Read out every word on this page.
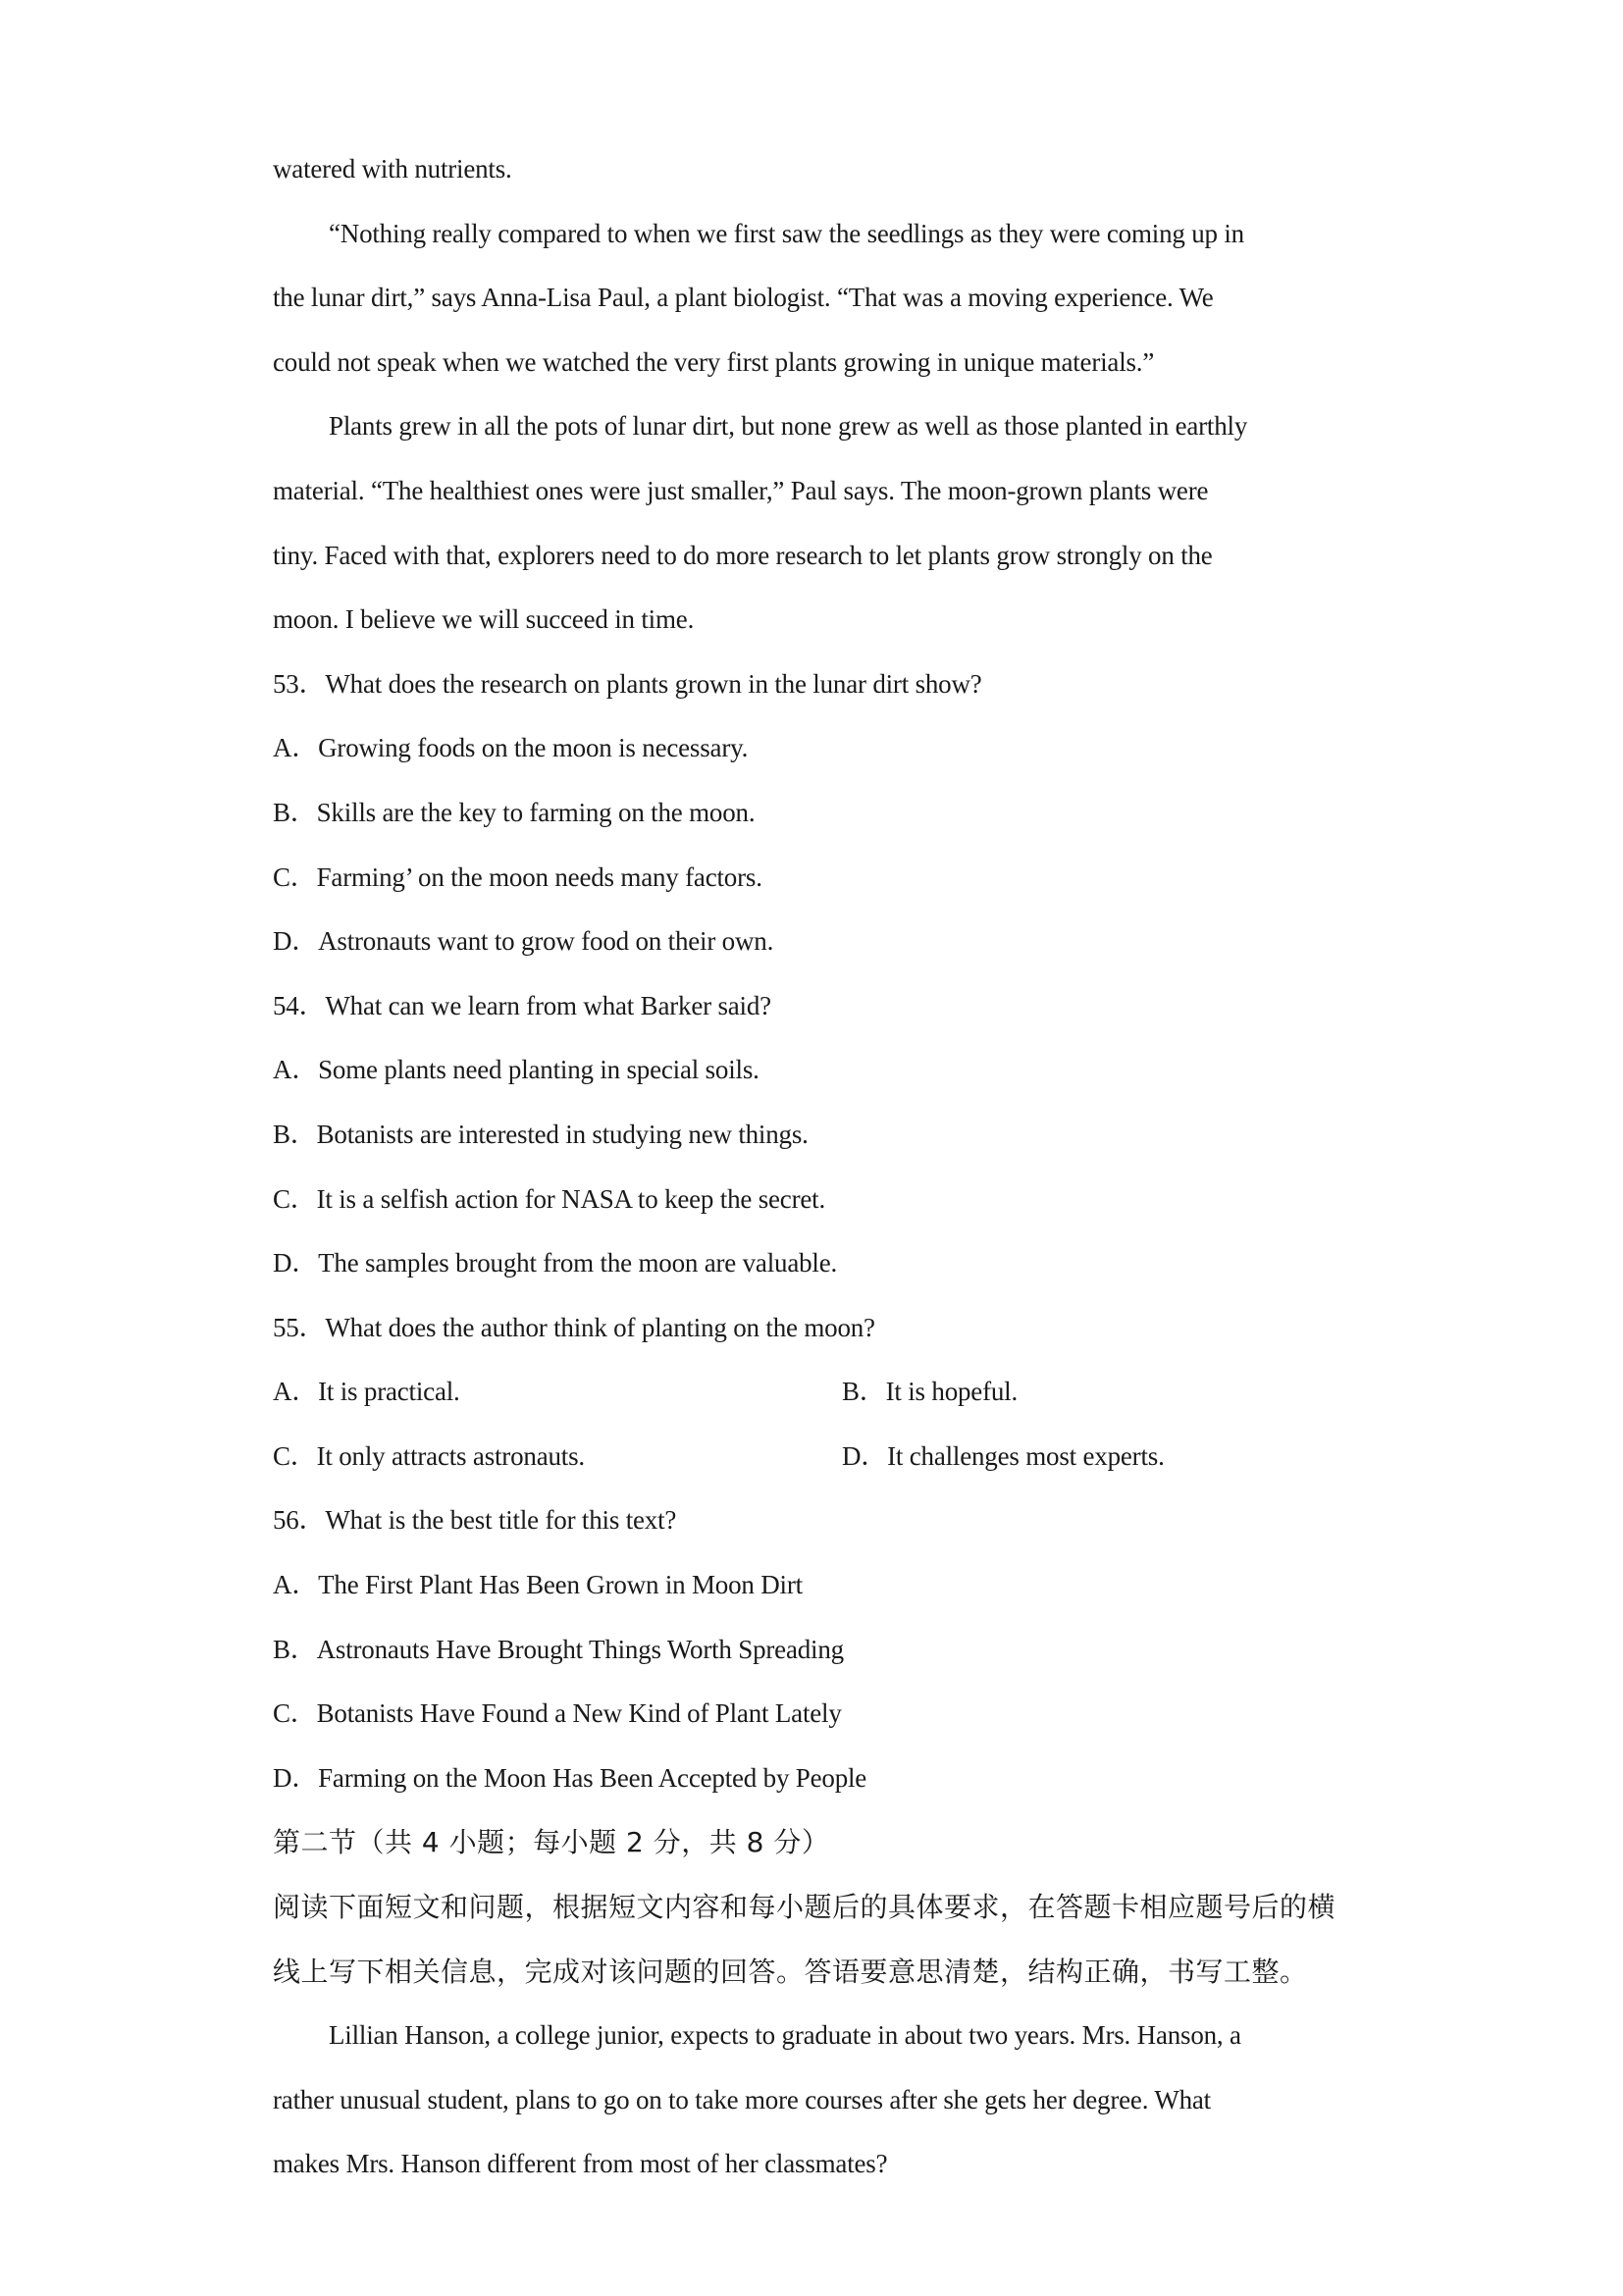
watered with nutrients.
“Nothing really compared to when we first saw the seedlings as they were coming up in
the lunar dirt,” says Anna-Lisa Paul, a plant biologist. “That was a moving experience. We
could not speak when we watched the very first plants growing in unique materials.”
Plants grew in all the pots of lunar dirt, but none grew as well as those planted in earthly
material. “The healthiest ones were just smaller,” Paul says. The moon-grown plants were
tiny. Faced with that, explorers need to do more research to let plants grow strongly on the
moon. I believe we will succeed in time.
53．What does the research on plants grown in the lunar dirt show?
A．Growing foods on the moon is necessary.
B．Skills are the key to farming on the moon.
C．Farming’ on the moon needs many factors.
D．Astronauts want to grow food on their own.
54．What can we learn from what Barker said?
A．Some plants need planting in special soils.
B．Botanists are interested in studying new things.
C．It is a selfish action for NASA to keep the secret.
D．The samples brought from the moon are valuable.
55．What does the author think of planting on the moon?
A．It is practical.	B．It is hopeful.
C．It only attracts astronauts.	D．It challenges most experts.
56．What is the best title for this text?
A．The First Plant Has Been Grown in Moon Dirt
B．Astronauts Have Brought Things Worth Spreading
C．Botanists Have Found a New Kind of Plant Lately
D．Farming on the Moon Has Been Accepted by People
第二节（共 4 小题；每小题 2 分，共 8 分）
阅读下面短文和问题，根据短文内容和每小题后的具体要求，在答题卡相应题号后的横
线上写下相关信息，完成对该问题的回答。答语要意思清楚，结构正确，书写工整。
Lillian Hanson, a college junior, expects to graduate in about two years. Mrs. Hanson, a
rather unusual student, plans to go on to take more courses after she gets her degree. What
makes Mrs. Hanson different from most of her classmates?
